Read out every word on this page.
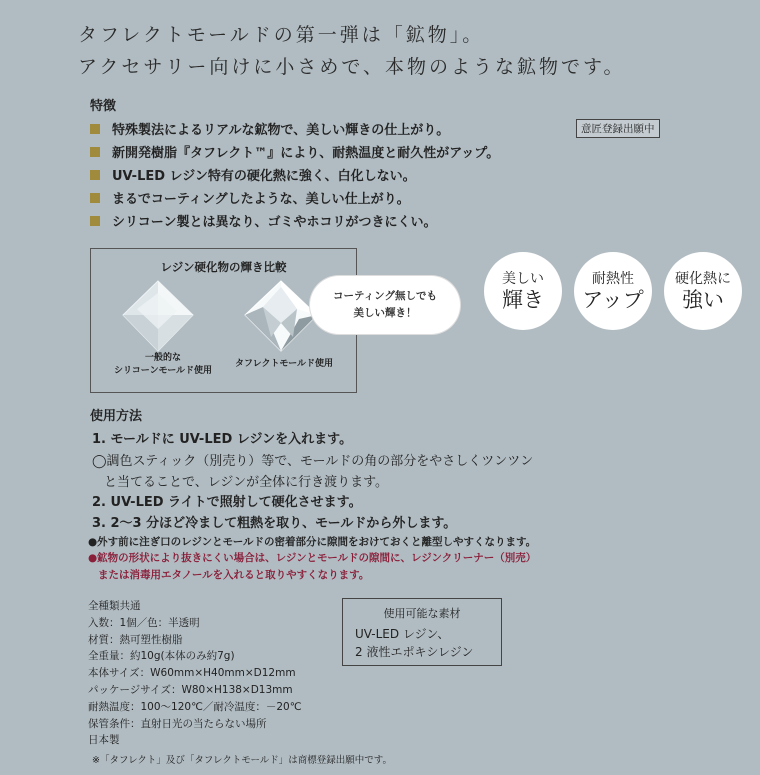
タフレクトモールドの第一弾は「鉱物」。
アクセサリー向けに小さめで、本物のような鉱物です。
特徴
特殊製法によるリアルな鉱物で、美しい輝きの仕上がり。
新開発樹脂『タフレクト™』により、耐熱温度と耐久性がアップ。
UV-LED レジン特有の硬化熱に強く、白化しない。
まるでコーティングしたような、美しい仕上がり。
シリコーン製とは異なり、ゴミやホコリがつきにくい。
意匠登録出願中
レジン硬化物の輝き比較
一般的な
シリコーンモールド使用
タフレクトモールド使用
コーティング無しでも
美しい輝き！
美しい
輝き
耐熱性
アップ
硬化熱に
強い
使用方法
1. モールドに UV-LED レジンを入れます。
◯調色スティック（別売り）等で、モールドの角の部分をやさしくツンツン
と当てることで、レジンが全体に行き渡ります。
2. UV-LED ライトで照射して硬化させます。
3. 2～3 分ほど冷まして粗熱を取り、モールドから外します。
●外す前に注ぎ口のレジンとモールドの密着部分に隙間をおけておくと離型しやすくなります。
●鉱物の形状により抜きにくい場合は、レジンとモールドの隙間に、レジンクリーナー（別売）
または消毒用エタノールを入れると取りやすくなります。
全種類共通
入数：1個／色：半透明
材質：熱可塑性樹脂
全重量：約10g(本体のみ約7g)
本体サイズ：W60mm×H40mm×D12mm
パッケージサイズ：W80×H138×D13mm
耐熱温度：100～120℃／耐冷温度：－20℃
保管条件：直射日光の当たらない場所
日本製
使用可能な素材
UV-LED レジン、
2 液性エポキシレジン
※「タフレクト」及び「タフレクトモールド」は商標登録出願中です。
